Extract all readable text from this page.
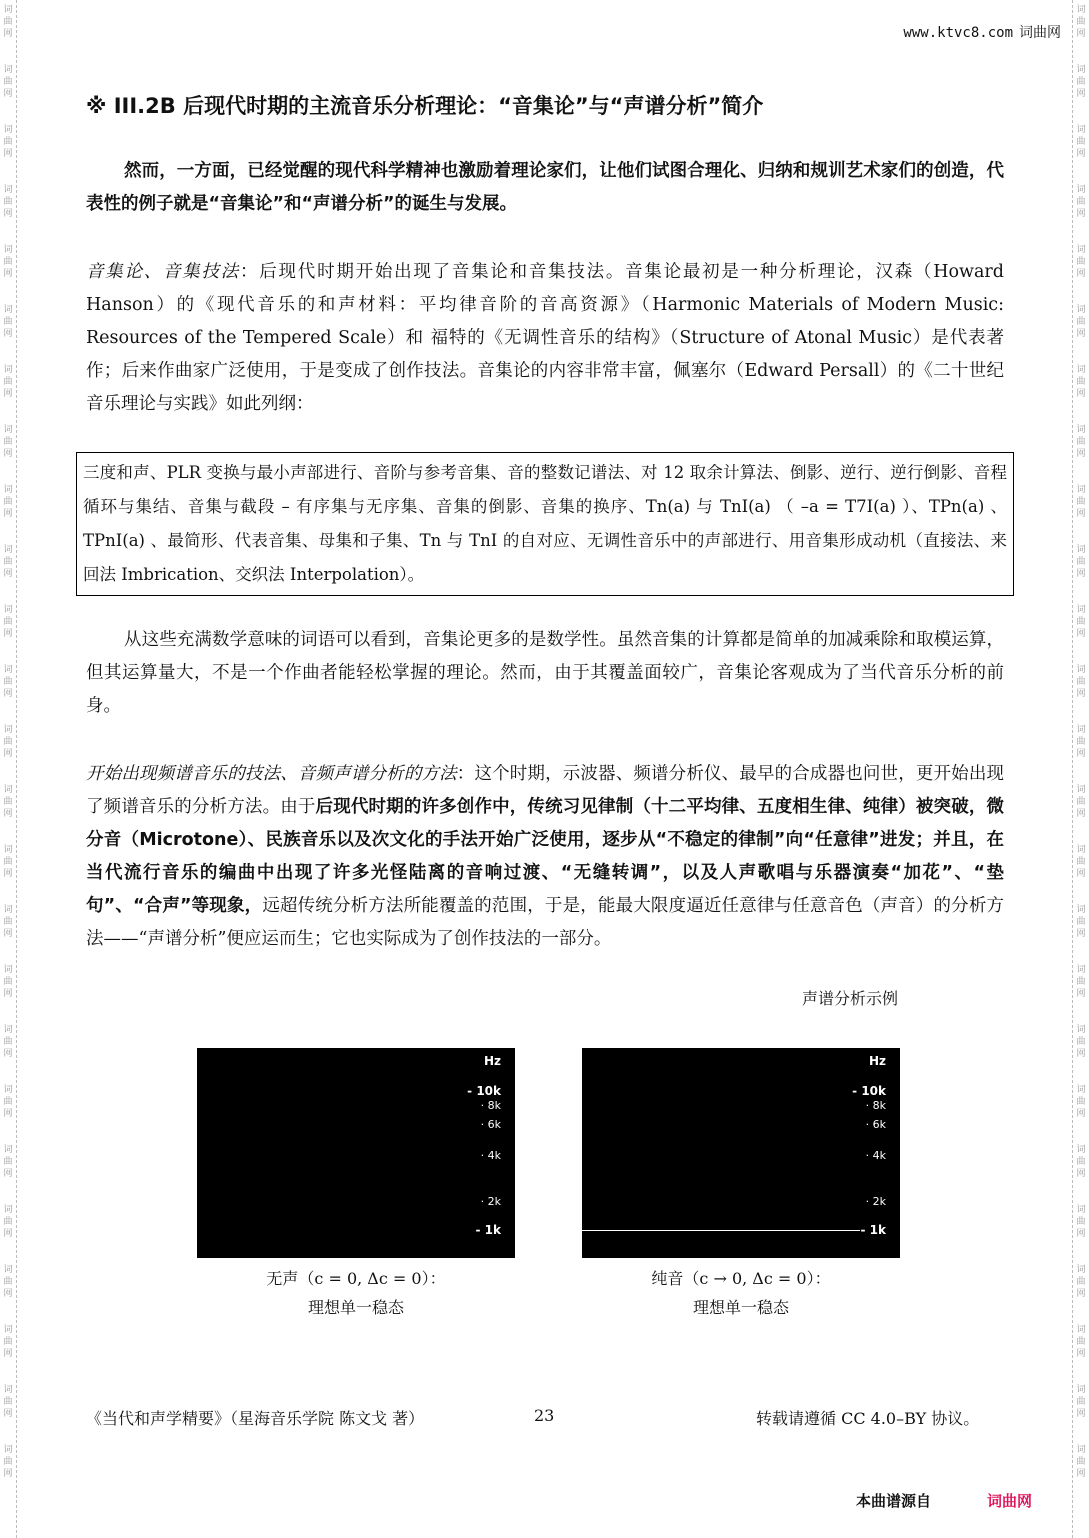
词
曲
网
词
曲
网
词
曲
网
词
曲
网
词
曲
网
词
曲
网
词
曲
网
词
曲
网
词
曲
网
词
曲
网
词
曲
网
词
曲
网
词
曲
网
词
曲
网
词
曲
网
词
曲
网
词
曲
网
词
曲
网
词
曲
网
词
曲
网
词
曲
网
词
曲
网
词
曲
网
词
曲
网
词
曲
网
词
曲
网
词
曲
网
词
曲
网
词
曲
网
词
曲
网
词
曲
网
词
曲
网
词
曲
网
词
曲
网
词
曲
网
词
曲
网
词
曲
网
词
曲
网
词
曲
网
词
曲
网
词
曲
网
词
曲
网
词
曲
网
词
曲
网
词
曲
网
词
曲
网
词
曲
网
词
曲
网
词
曲
网
词
曲
网
www.ktvc8.com 词曲网
※ III.2B 后现代时期的主流音乐分析理论：“音集论”与“声谱分析”简介
然而，一方面，已经觉醒的现代科学精神也激励着理论家们，让他们试图合理化、归纳和规训艺术家们的创造，代表性的例子就是“音集论”和“声谱分析”的诞生与发展。
音集论、音集技法：后现代时期开始出现了音集论和音集技法。音集论最初是一种分析理论，汉森（Howard Hanson）的《现代音乐的和声材料：平均律音阶的音高资源》（Harmonic Materials of Modern Music: Resources of the Tempered Scale）和 福特的《无调性音乐的结构》（Structure of Atonal Music）是代表著作；后来作曲家广泛使用，于是变成了创作技法。音集论的内容非常丰富，佩塞尔（Edward Persall）的《二十世纪音乐理论与实践》如此列纲：
三度和声、PLR 变换与最小声部进行、音阶与参考音集、音的整数记谱法、对 12 取余计算法、倒影、逆行、逆行倒影、音程循环与集结、音集与截段 – 有序集与无序集、音集的倒影、音集的换序、Tn(a) 与 TnI(a) （ –a = T7I(a) ）、TPn(a) 、TPnI(a) 、最简形、代表音集、母集和子集、Tn 与 TnI 的自对应、无调性音乐中的声部进行、用音集形成动机（直接法、来回法 Imbrication、交织法 Interpolation）。
从这些充满数学意味的词语可以看到，音集论更多的是数学性。虽然音集的计算都是简单的加减乘除和取模运算，但其运算量大，不是一个作曲者能轻松掌握的理论。然而，由于其覆盖面较广，音集论客观成为了当代音乐分析的前身。
开始出现频谱音乐的技法、音频声谱分析的方法：这个时期，示波器、频谱分析仪、最早的合成器也问世，更开始出现了频谱音乐的分析方法。由于后现代时期的许多创作中，传统习见律制（十二平均律、五度相生律、纯律）被突破，微分音（Microtone）、民族音乐以及次文化的手法开始广泛使用，逐步从“不稳定的律制”向“任意律”进发；并且，在当代流行音乐的编曲中出现了许多光怪陆离的音响过渡、“无缝转调”，以及人声歌唱与乐器演奏“加花”、“垫句”、“合声”等现象，远超传统分析方法所能覆盖的范围，于是，能最大限度逼近任意律与任意音色（声音）的分析方法——“声谱分析”便应运而生；它也实际成为了创作技法的一部分。
声谱分析示例
Hz
- 10k
· 8k
· 6k
· 4k
· 2k
- 1k
Hz
- 10k
· 8k
· 6k
· 4k
· 2k
- 1k
无声（c = 0, Δc = 0）：
理想单一稳态
纯音（c → 0, Δc = 0）：
理想单一稳态
《当代和声学精要》（星海音乐学院 陈文戈 著）	23	转载请遵循 CC 4.0–BY 协议。
本曲谱源自	词曲网
